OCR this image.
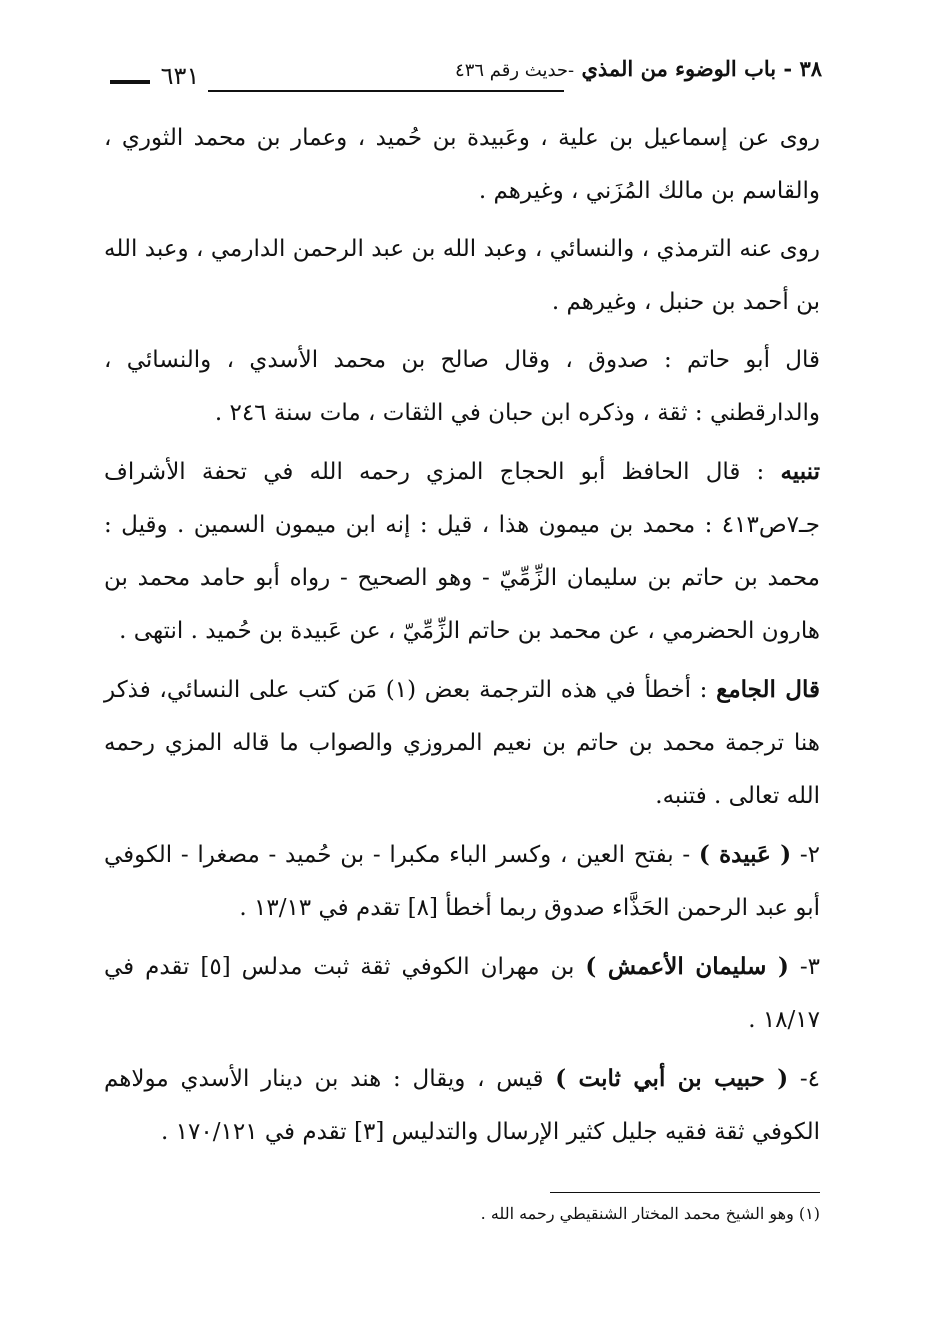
٣٨ - باب الوضوء من المذي -حديث رقم ٤٣٦
٦٣١

روى عن إسماعيل بن علية ، وعَبيدة بن حُميد ، وعمار بن محمد الثوري ، والقاسم بن مالك المُزَني ، وغيرهم .

روى عنه الترمذي ، والنسائي ، وعبد الله بن عبد الرحمن الدارمي ، وعبد الله بن أحمد بن حنبل ، وغيرهم .

قال أبو حاتم : صدوق ، وقال صالح بن محمد الأسدي ، والنسائي ، والدارقطني : ثقة ، وذكره ابن حبان في الثقات ، مات سنة ٢٤٦ .

تنبيه : قال الحافظ أبو الحجاج المزي رحمه الله في تحفة الأشراف جـ٧ص٤١٣ : محمد بن ميمون هذا ، قيل : إنه ابن ميمون السمين . وقيل : محمد بن حاتم بن سليمان الزِّمِّيّ - وهو الصحيح - رواه أبو حامد محمد بن هارون الحضرمي ، عن محمد بن حاتم الزِّمِّيّ ، عن عَبيدة بن حُميد . انتهى .

قال الجامع : أخطأ في هذه الترجمة بعض (١) مَن كتب على النسائي، فذكر هنا ترجمة محمد بن حاتم بن نعيم المروزي والصواب ما قاله المزي رحمه الله تعالى . فتنبه.

٢- ( عَبيدة ) - بفتح العين ، وكسر الباء مكبرا - بن حُميد - مصغرا - الكوفي أبو عبد الرحمن الحَذَّاء صدوق ربما أخطأ [٨] تقدم في ١٣/١٣ .

٣- ( سليمان الأعمش ) بن مهران الكوفي ثقة ثبت مدلس [٥] تقدم في ١٨/١٧ .

٤- ( حبيب بن أبي ثابت ) قيس ، ويقال : هند بن دينار الأسدي مولاهم الكوفي ثقة فقيه جليل كثير الإرسال والتدليس [٣] تقدم في ١٧٠/١٢١ .

(١) وهو الشيخ محمد المختار الشنقيطي رحمه الله .
